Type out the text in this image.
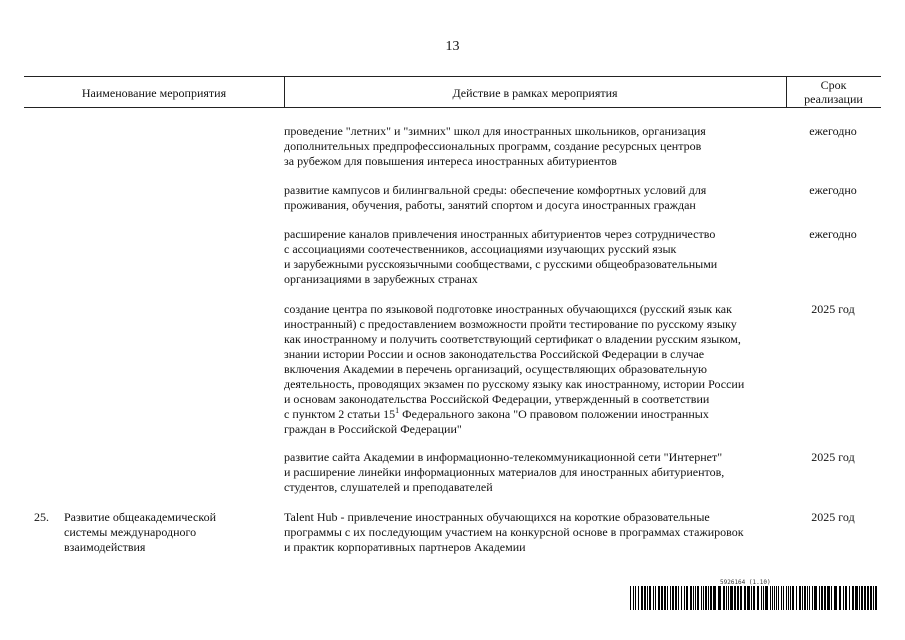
13
Наименование мероприятия	Действие в рамках мероприятия
Срок
реализации
проведение "летних" и "зимних" школ для иностранных школьников, организация
дополнительных предпрофессиональных программ, создание ресурсных центров
за рубежом для повышения интереса иностранных абитуриентов
ежегодно
развитие кампусов и билингвальной среды: обеспечение комфортных условий для
проживания, обучения, работы, занятий спортом и досуга иностранных граждан
ежегодно
расширение каналов привлечения иностранных абитуриентов через сотрудничество
с ассоциациями соотечественников, ассоциациями изучающих русский язык
и зарубежными русскоязычными сообществами, с русскими общеобразовательными
организациями в зарубежных странах
ежегодно
создание центра по языковой подготовке иностранных обучающихся (русский язык как
иностранный) с предоставлением возможности пройти тестирование по русскому языку
как иностранному и получить соответствующий сертификат о владении русским языком,
знании истории России и основ законодательства Российской Федерации в случае
включения Академии в перечень организаций, осуществляющих образовательную
деятельность, проводящих экзамен по русскому языку как иностранному, истории России
и основам законодательства Российской Федерации, утвержденный в соответствии
с пунктом 2 статьи $15^1$ Федерального закона "О правовом положении иностранных
граждан в Российской Федерации"
2025 год
развитие сайта Академии в информационно-телекоммуникационной сети "Интернет"
и расширение линейки информационных материалов для иностранных абитуриентов,
студентов, слушателей и преподавателей
2025 год
25.	Развитие общеакадемической
системы международного
взаимодействия
Talent Hub - привлечение иностранных обучающихся на короткие образовательные
программы с их последующим участием на конкурсной основе в программах стажировок
и практик корпоративных партнеров Академии
2025 год
5926164 (1.10)
